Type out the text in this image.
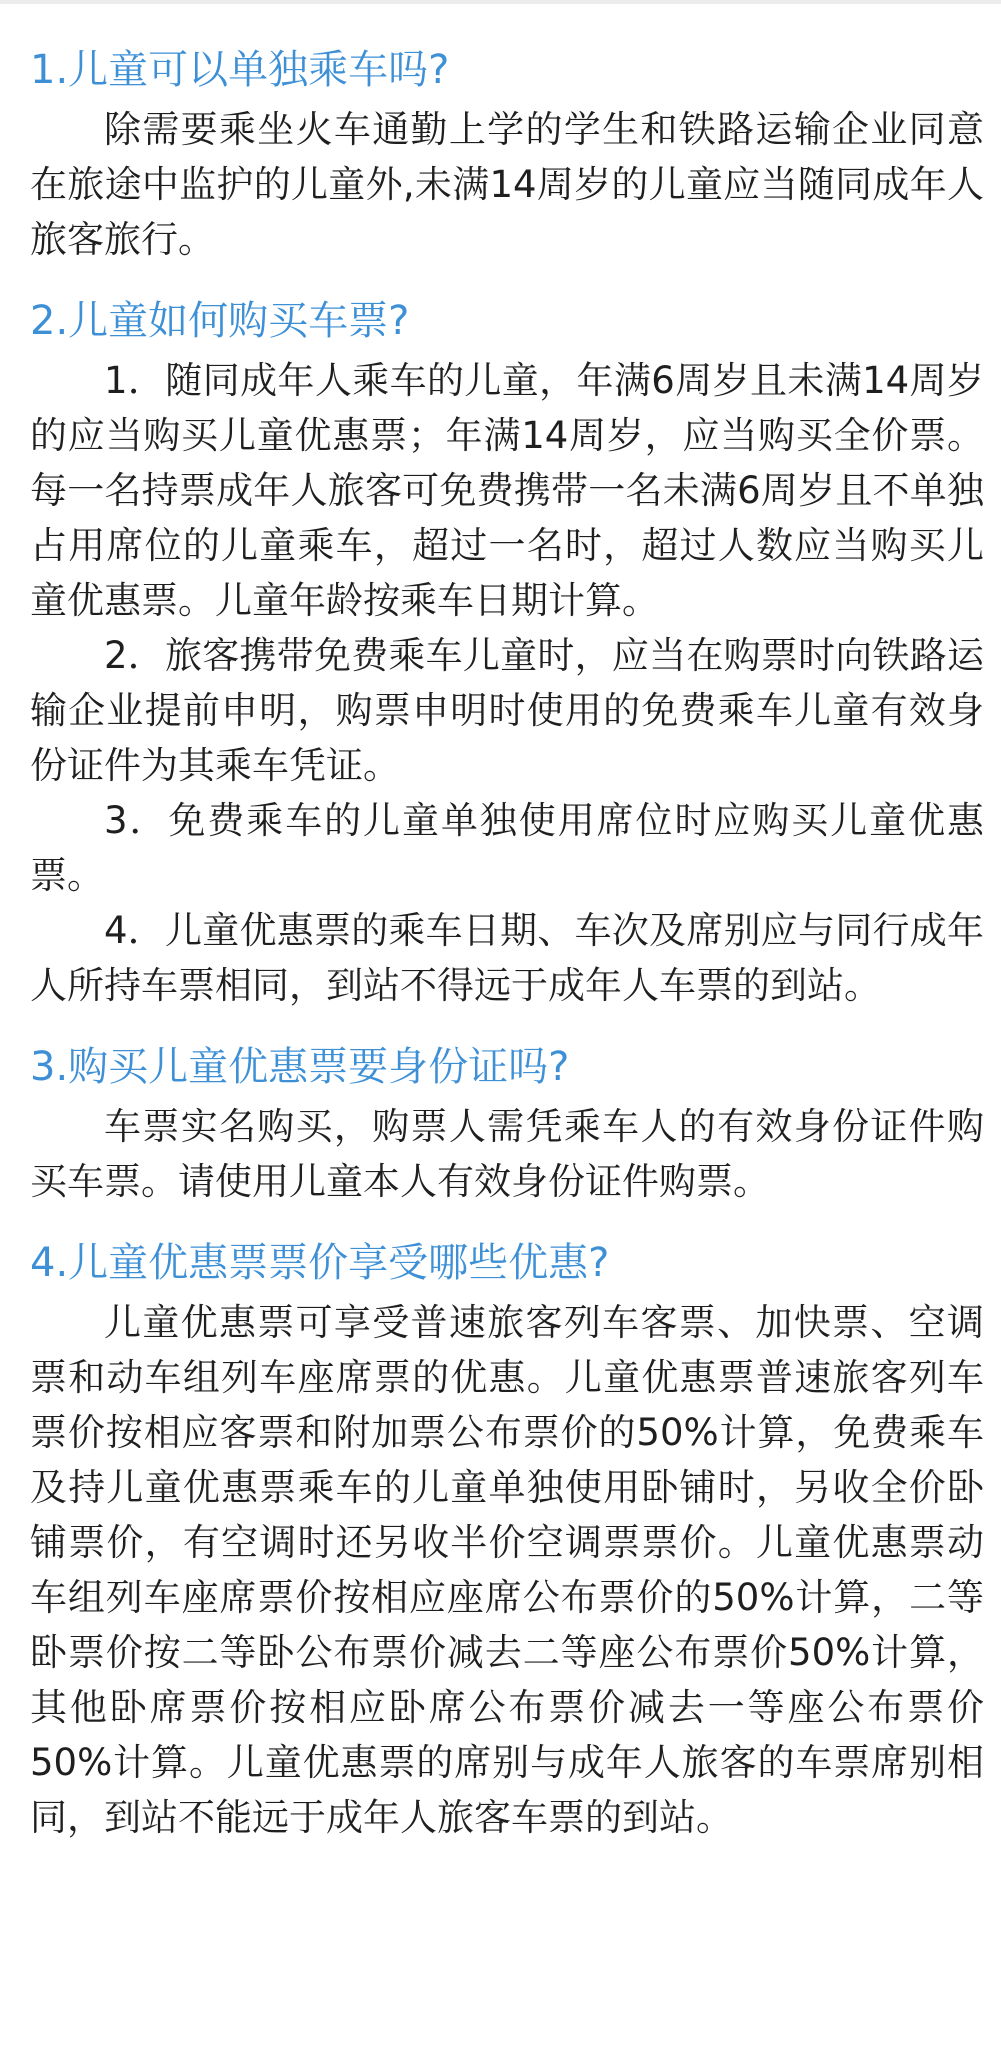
1.儿童可以单独乘车吗?

除需要乘坐火车通勤上学的学生和铁路运输企业同意在旅途中监护的儿童外,未满14周岁的儿童应当随同成年人旅客旅行。

2.儿童如何购买车票?

1．随同成年人乘车的儿童，年满6周岁且未满14周岁的应当购买儿童优惠票；年满14周岁，应当购买全价票。每一名持票成年人旅客可免费携带一名未满6周岁且不单独占用席位的儿童乘车，超过一名时，超过人数应当购买儿童优惠票。儿童年龄按乘车日期计算。

2．旅客携带免费乘车儿童时，应当在购票时向铁路运输企业提前申明，购票申明时使用的免费乘车儿童有效身份证件为其乘车凭证。

3．免费乘车的儿童单独使用席位时应购买儿童优惠票。

4．儿童优惠票的乘车日期、车次及席别应与同行成年人所持车票相同，到站不得远于成年人车票的到站。

3.购买儿童优惠票要身份证吗?

车票实名购买，购票人需凭乘车人的有效身份证件购买车票。请使用儿童本人有效身份证件购票。

4.儿童优惠票票价享受哪些优惠?

儿童优惠票可享受普速旅客列车客票、加快票、空调票和动车组列车座席票的优惠。儿童优惠票普速旅客列车票价按相应客票和附加票公布票价的50%计算，免费乘车及持儿童优惠票乘车的儿童单独使用卧铺时，另收全价卧铺票价，有空调时还另收半价空调票票价。儿童优惠票动车组列车座席票价按相应座席公布票价的50%计算，二等卧票价按二等卧公布票价减去二等座公布票价50%计算，其他卧席票价按相应卧席公布票价减去一等座公布票价50%计算。儿童优惠票的席别与成年人旅客的车票席别相同，到站不能远于成年人旅客车票的到站。
